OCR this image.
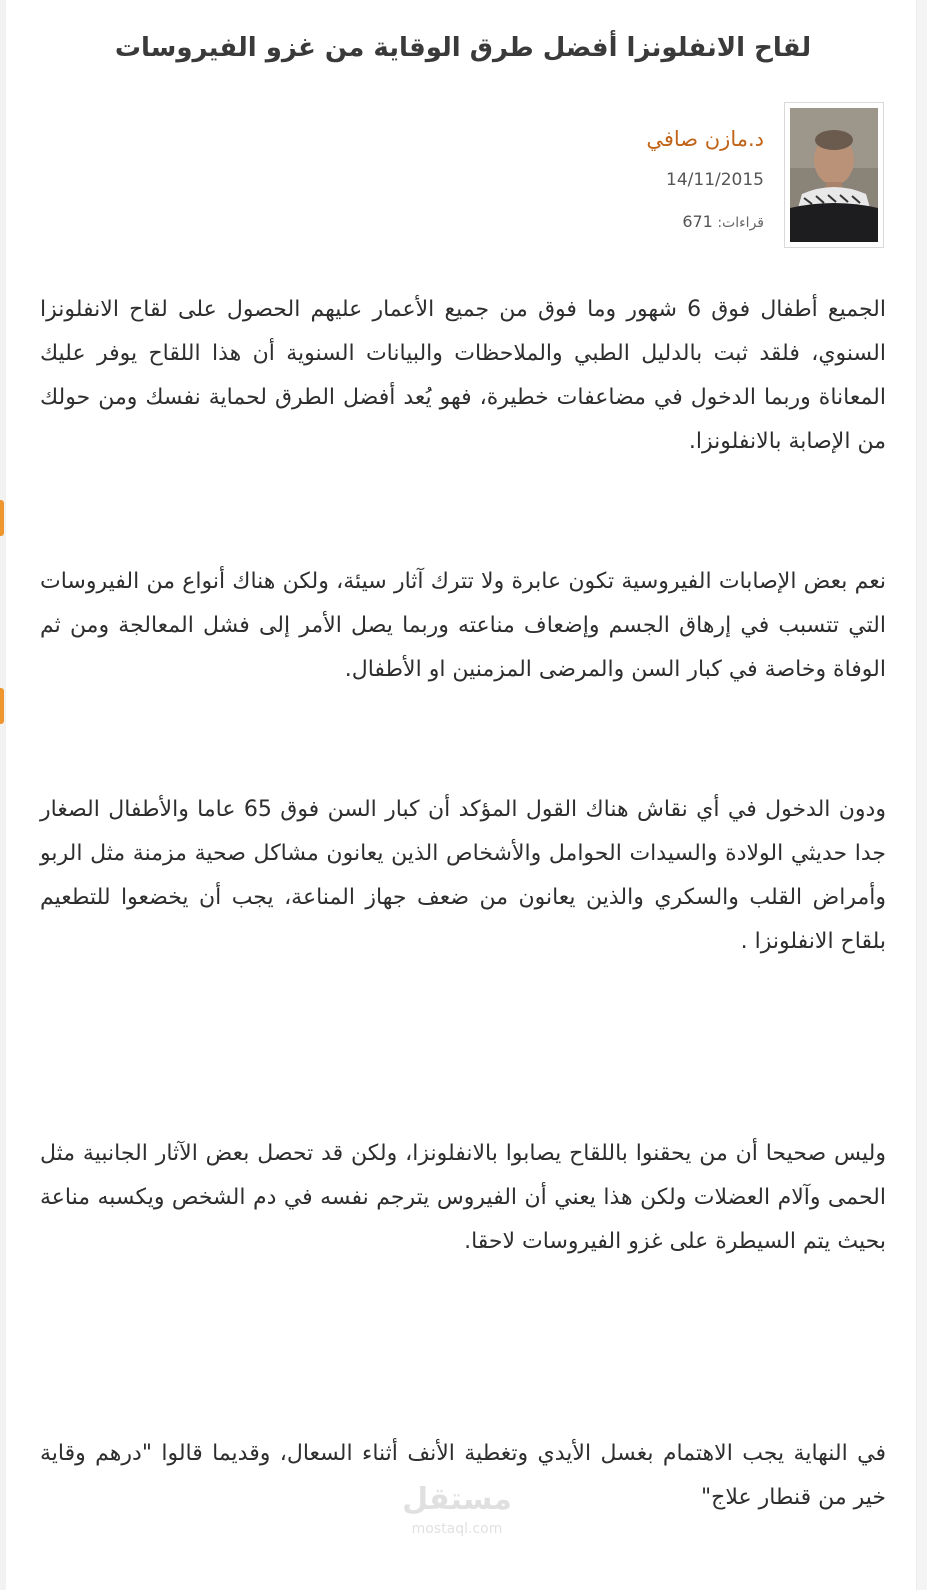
لقاح الانفلونزا أفضل طرق الوقاية من غزو الفيروسات
د.مازن صافي
14/11/2015
قراءات: 671

الجميع أطفال فوق 6 شهور وما فوق من جميع الأعمار عليهم الحصول على لقاح الانفلونزا السنوي، فلقد ثبت بالدليل الطبي والملاحظات والبيانات السنوية أن هذا اللقاح يوفر عليك المعاناة وربما الدخول في مضاعفات خطيرة، فهو يُعد أفضل الطرق لحماية نفسك ومن حولك من الإصابة بالانفلونزا.

نعم بعض الإصابات الفيروسية تكون عابرة ولا تترك آثار سيئة، ولكن هناك أنواع من الفيروسات التي تتسبب في إرهاق الجسم وإضعاف مناعته وربما يصل الأمر إلى فشل المعالجة ومن ثم الوفاة وخاصة في كبار السن والمرضى المزمنين او الأطفال.

ودون الدخول في أي نقاش هناك القول المؤكد أن كبار السن فوق 65 عاما والأطفال الصغار جدا حديثي الولادة والسيدات الحوامل والأشخاص الذين يعانون مشاكل صحية مزمنة مثل الربو وأمراض القلب والسكري والذين يعانون من ضعف جهاز المناعة، يجب أن يخضعوا للتطعيم بلقاح الانفلونزا .

وليس صحيحا أن من يحقنوا باللقاح يصابوا بالانفلونزا، ولكن قد تحصل بعض الآثار الجانبية مثل الحمى وآلام العضلات ولكن هذا يعني أن الفيروس يترجم نفسه في دم الشخص ويكسبه مناعة بحيث يتم السيطرة على غزو الفيروسات لاحقا.

في النهاية يجب الاهتمام بغسل الأيدي وتغطية الأنف أثناء السعال، وقديما قالوا "درهم وقاية خير من قنطار علاج"

مستقل
mostaql.com
